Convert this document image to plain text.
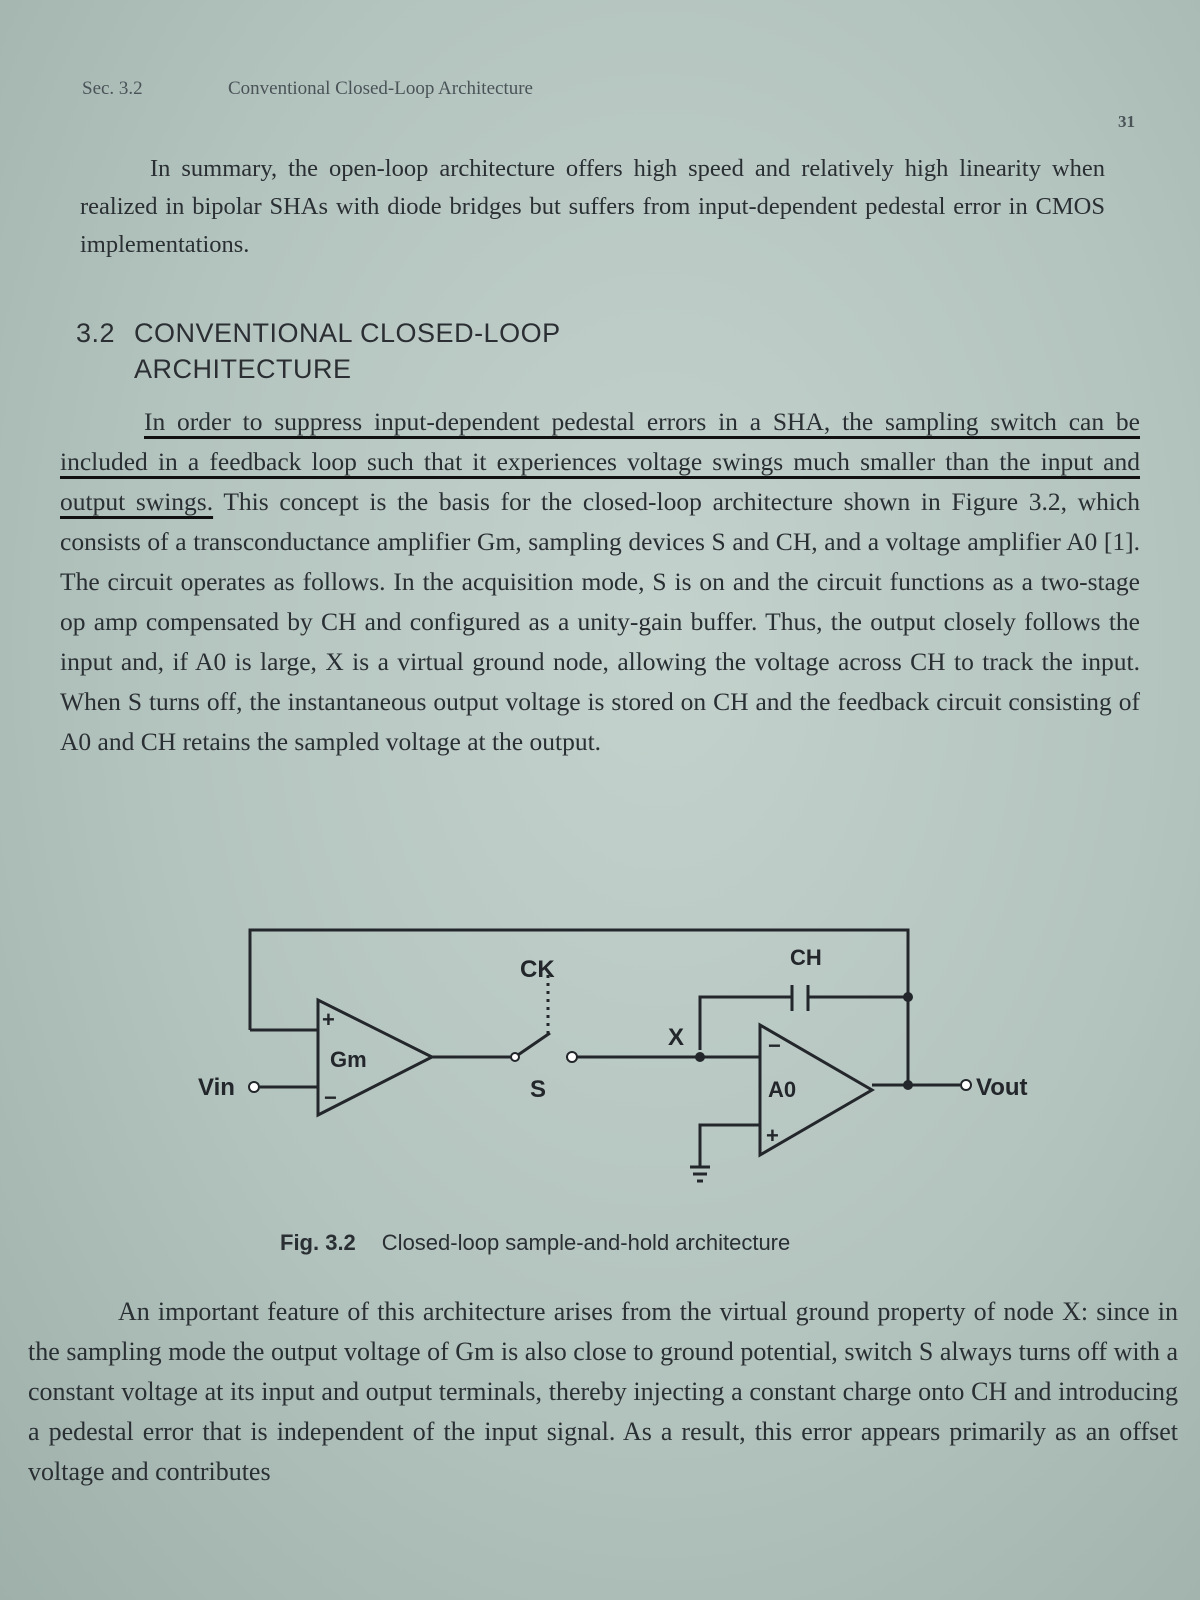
Sec. 3.2	Conventional Closed-Loop Architecture
31

In summary, the open-loop architecture offers high speed and relatively high linearity when realized in bipolar SHAs with diode bridges but suffers from input-dependent pedestal error in CMOS implementations.

3.2 CONVENTIONAL CLOSED-LOOP
ARCHITECTURE

In order to suppress input-dependent pedestal errors in a SHA, the sampling switch can be included in a feedback loop such that it experiences voltage swings much smaller than the input and output swings. This concept is the basis for the closed-loop architecture shown in Figure 3.2, which consists of a transconductance amplifier Gm, sampling devices S and CH, and a voltage amplifier A0 [1]. The circuit operates as follows. In the acquisition mode, S is on and the circuit functions as a two-stage op amp compensated by CH and configured as a unity-gain buffer. Thus, the output closely follows the input and, if A0 is large, X is a virtual ground node, allowing the voltage across CH to track the input. When S turns off, the instantaneous output voltage is stored on CH and the feedback circuit consisting of A0 and CH retains the sampled voltage at the output.

CK	CH
Gm
+
−	A0
−
+
S
X
Vin	Vout
Fig. 3.2 Closed-loop sample-and-hold architecture

An important feature of this architecture arises from the virtual ground property of node X: since in the sampling mode the output voltage of Gm is also close to ground potential, switch S always turns off with a constant voltage at its input and output terminals, thereby injecting a constant charge onto CH and introducing a pedestal error that is independent of the input signal. As a result, this error appears primarily as an offset voltage and contributes
